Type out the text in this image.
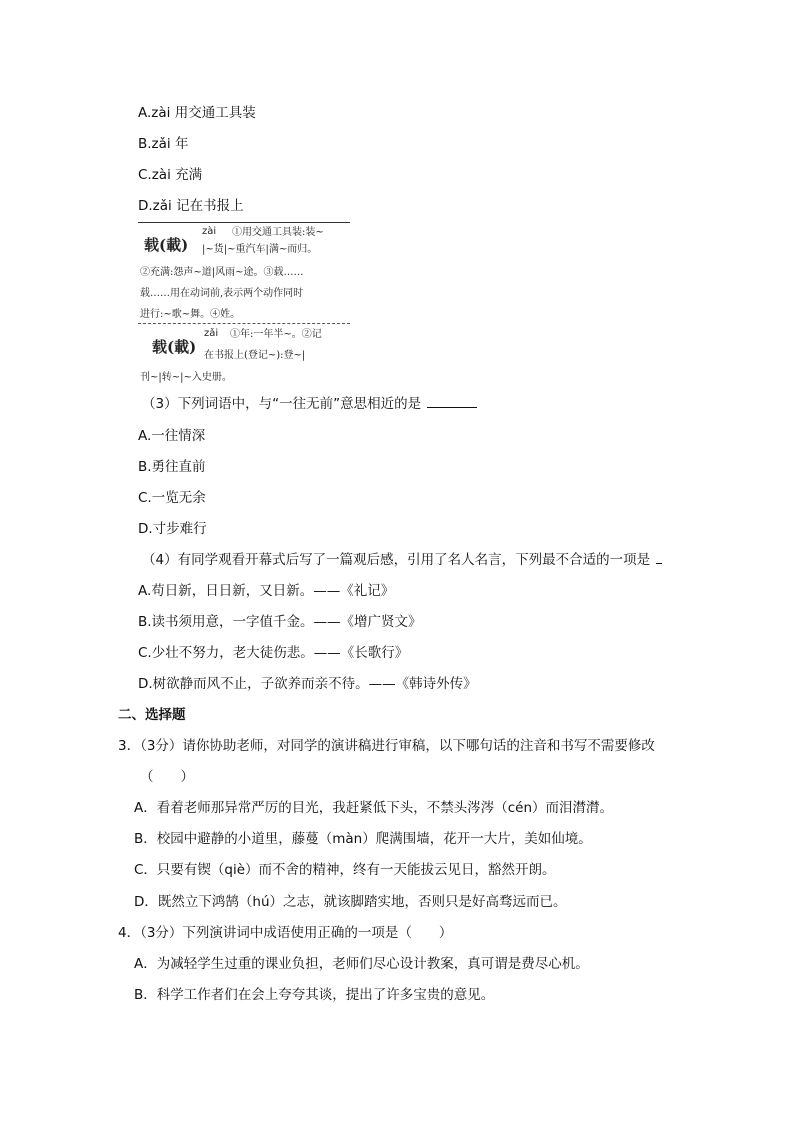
A.zài 用交通工具装
B.zǎi 年
C.zài 充满
D.zǎi 记在书报上
载(載)
zài ①用交通工具装:装~
|~货|~重汽车|满~而归。
②充满:怨声~道|风雨~途。③载……
载……用在动词前,表示两个动作同时
进行:~歌~舞。④姓。
载(載)
zǎi ①年:一年半~。②记
在书报上(登记~):登~|
刊~|转~|~入史册。
（3）下列词语中，与“一往无前”意思相近的是
A.一往情深
B.勇往直前
C.一览无余
D.寸步难行
（4）有同学观看开幕式后写了一篇观后感，引用了名人名言，下列最不合适的一项是
A.苟日新，日日新，又日新。——《礼记》
B.读书须用意，一字值千金。——《增广贤文》
C.少壮不努力，老大徒伤悲。——《长歌行》
D.树欲静而风不止，子欲养而亲不待。——《韩诗外传》
二、选择题
3．（3分）请你协助老师，对同学的演讲稿进行审稿，以下哪句话的注音和书写不需要修改
（　　）
A．看着老师那异常严厉的目光，我赶紧低下头，不禁头涔涔（cén）而泪潸潸。
B．校园中避静的小道里，藤蔓（màn）爬满围墙，花开一大片，美如仙境。
C．只要有锲（qiè）而不舍的精神，终有一天能拔云见日，豁然开朗。
D．既然立下鸿鹄（hú）之志，就该脚踏实地，否则只是好高骛远而已。
4．（3分）下列演讲词中成语使用正确的一项是（　　）
A．为减轻学生过重的课业负担，老师们尽心设计教案，真可谓是费尽心机。
B．科学工作者们在会上夸夸其谈，提出了许多宝贵的意见。
